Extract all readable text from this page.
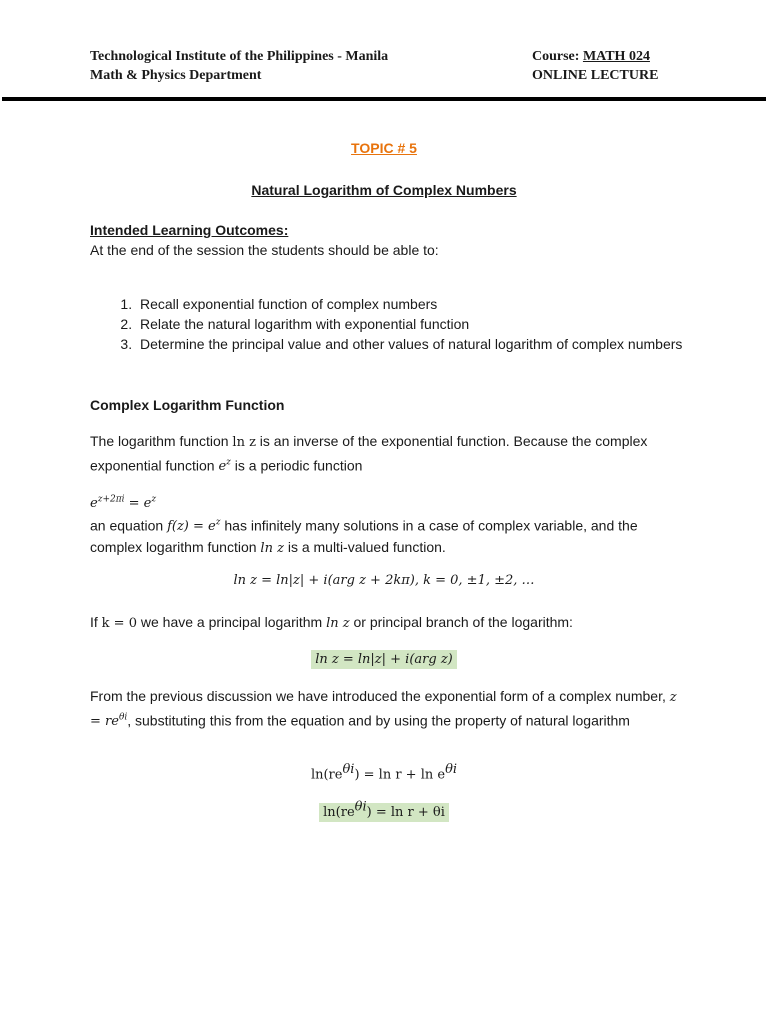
Technological Institute of the Philippines - Manila
Math & Physics Department
Course: MATH 024
ONLINE LECTURE
TOPIC # 5
Natural Logarithm of Complex Numbers
Intended Learning Outcomes:
At the end of the session the students should be able to:
1. Recall exponential function of complex numbers
2. Relate the natural logarithm with exponential function
3. Determine the principal value and other values of natural logarithm of complex numbers
Complex Logarithm Function
The logarithm function ln z is an inverse of the exponential function. Because the complex exponential function $e^z$ is a periodic function
$e^{z+2\pi i} = e^z$
an equation $f(z) = e^z$ has infinitely many solutions in a case of complex variable, and the complex logarithm function ln z is a multi-valued function.
ln z = ln|z| + i(arg z + 2kπ), k = 0, ±1, ±2, …
If k = 0 we have a principal logarithm ln z or principal branch of the logarithm:
ln z = ln|z| + i(arg z)
From the previous discussion we have introduced the exponential form of a complex number, $z = re^{\theta i}$, substituting this from the equation and by using the property of natural logarithm
$\ln(re^{\theta i}) = \ln r + \ln e^{\theta i}$
$\ln(re^{\theta i}) = \ln r + \theta i$
